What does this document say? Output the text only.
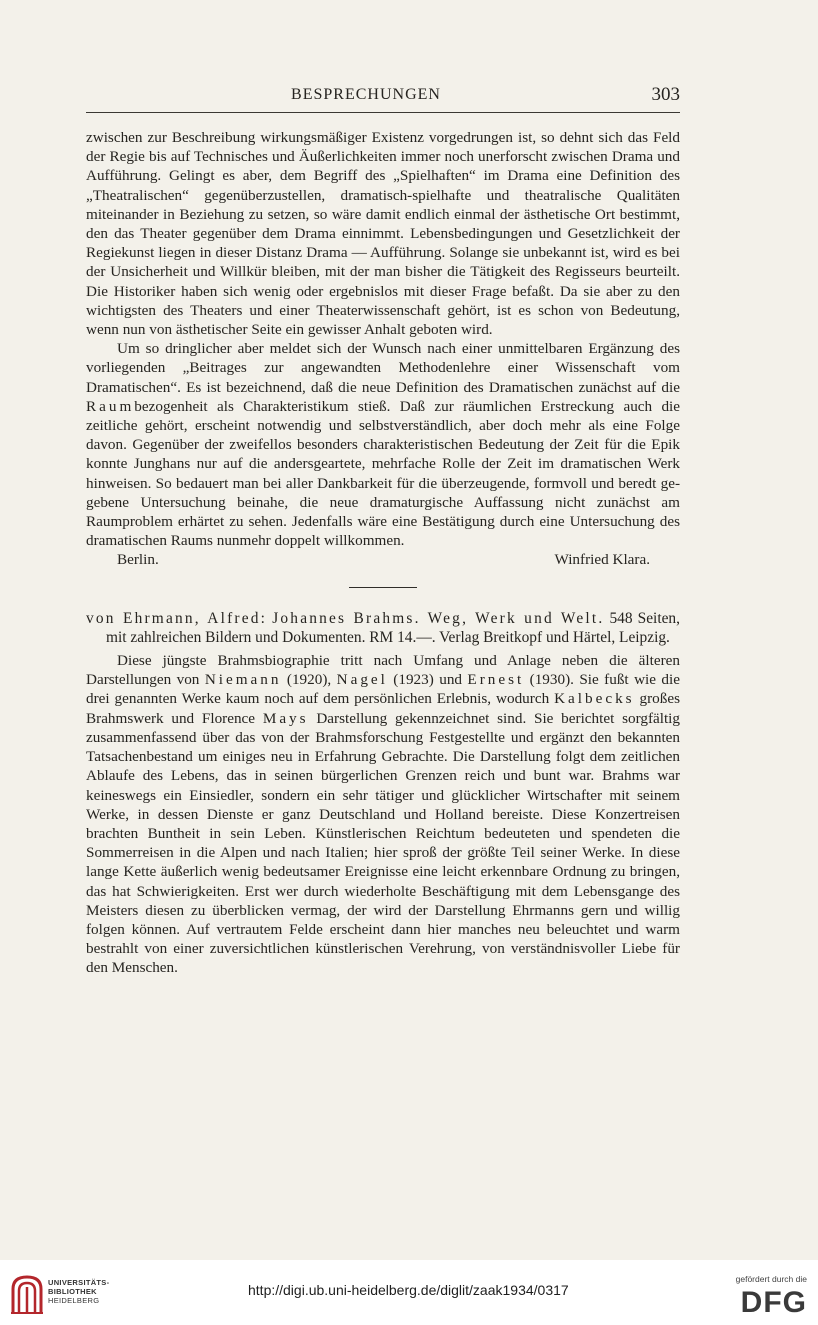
BESPRECHUNGEN	303

zwischen zur Beschreibung wirkungsmäßiger Existenz vorgedrungen ist, so dehnt sich das Feld der Regie bis auf Technisches und Äußerlichkeiten immer noch unerforscht zwischen Drama und Aufführung. Gelingt es aber, dem Begriff des „Spielhaften“ im Drama eine Definition des „Theatralischen“ gegenüberzustellen, dramatisch-spielhafte und theatralische Qualitäten miteinander in Beziehung zu setzen, so wäre damit endlich einmal der ästhetische Ort bestimmt, den das Theater gegenüber dem Drama einnimmt. Lebensbedingungen und Gesetzlichkeit der Regiekunst liegen in dieser Distanz Drama — Aufführung. Solange sie unbekannt ist, wird es bei der Unsicherheit und Willkür bleiben, mit der man bisher die Tätigkeit des Regisseurs beurteilt. Die Historiker haben sich wenig oder ergebnislos mit dieser Frage befaßt. Da sie aber zu den wichtigsten des Theaters und einer Theaterwissenschaft gehört, ist es schon von Bedeutung, wenn nun von ästhetischer Seite ein gewisser Anhalt geboten wird.

Um so dringlicher aber meldet sich der Wunsch nach einer unmittelbaren Ergänzung des vorliegenden „Beitrages zur angewandten Methodenlehre einer Wissenschaft vom Dramatischen“. Es ist bezeichnend, daß die neue Definition des Dramatischen zunächst auf die Raumbezogenheit als Charakteristikum stieß. Daß zur räumlichen Erstreckung auch die zeitliche gehört, erscheint notwendig und selbstverständlich, aber doch mehr als eine Folge davon. Gegenüber der zweifellos besonders charakteristischen Bedeutung der Zeit für die Epik konnte Junghans nur auf die andersgeartete, mehrfache Rolle der Zeit im dramatischen Werk hinweisen. So bedauert man bei aller Dankbarkeit für die überzeugende, formvoll und beredt gegebene Untersuchung beinahe, die neue dramaturgische Auffassung nicht zunächst am Raumproblem erhärtet zu sehen. Jedenfalls wäre eine Bestätigung durch eine Untersuchung des dramatischen Raums nunmehr doppelt willkommen.

Berlin.	Winfried Klara.

von Ehrmann, Alfred: Johannes Brahms. Weg, Werk und Welt. 548 Seiten, mit zahlreichen Bildern und Dokumenten. RM 14.—. Verlag Breitkopf und Härtel, Leipzig.

Diese jüngste Brahmsbiographie tritt nach Umfang und Anlage neben die älteren Darstellungen von Niemann (1920), Nagel (1923) und Ernest (1930). Sie fußt wie die drei genannten Werke kaum noch auf dem persönlichen Erlebnis, wodurch Kalbecks großes Brahmswerk und Florence Mays Darstellung gekennzeichnet sind. Sie berichtet sorgfältig zusammenfassend über das von der Brahmsforschung Festgestellte und ergänzt den bekannten Tatsachenbestand um einiges neu in Erfahrung Gebrachte. Die Darstellung folgt dem zeitlichen Ablaufe des Lebens, das in seinen bürgerlichen Grenzen reich und bunt war. Brahms war keineswegs ein Einsiedler, sondern ein sehr tätiger und glücklicher Wirtschafter mit seinem Werke, in dessen Dienste er ganz Deutschland und Holland bereiste. Diese Konzertreisen brachten Buntheit in sein Leben. Künstlerischen Reichtum bedeuteten und spendeten die Sommerreisen in die Alpen und nach Italien; hier sproß der größte Teil seiner Werke. In diese lange Kette äußerlich wenig bedeutsamer Ereignisse eine leicht erkennbare Ordnung zu bringen, das hat Schwierigkeiten. Erst wer durch wiederholte Beschäftigung mit dem Lebensgange des Meisters diesen zu überblicken vermag, der wird der Darstellung Ehrmanns gern und willig folgen können. Auf vertrautem Felde erscheint dann hier manches neu beleuchtet und warm bestrahlt von einer zuversichtlichen künstlerischen Verehrung, von verständnisvoller Liebe für den Menschen.

UNIVERSITÄTS-
BIBLIOTHEK
HEIDELBERG
http://digi.ub.uni-heidelberg.de/diglit/zaak1934/0317
gefördert durch die
DFG
